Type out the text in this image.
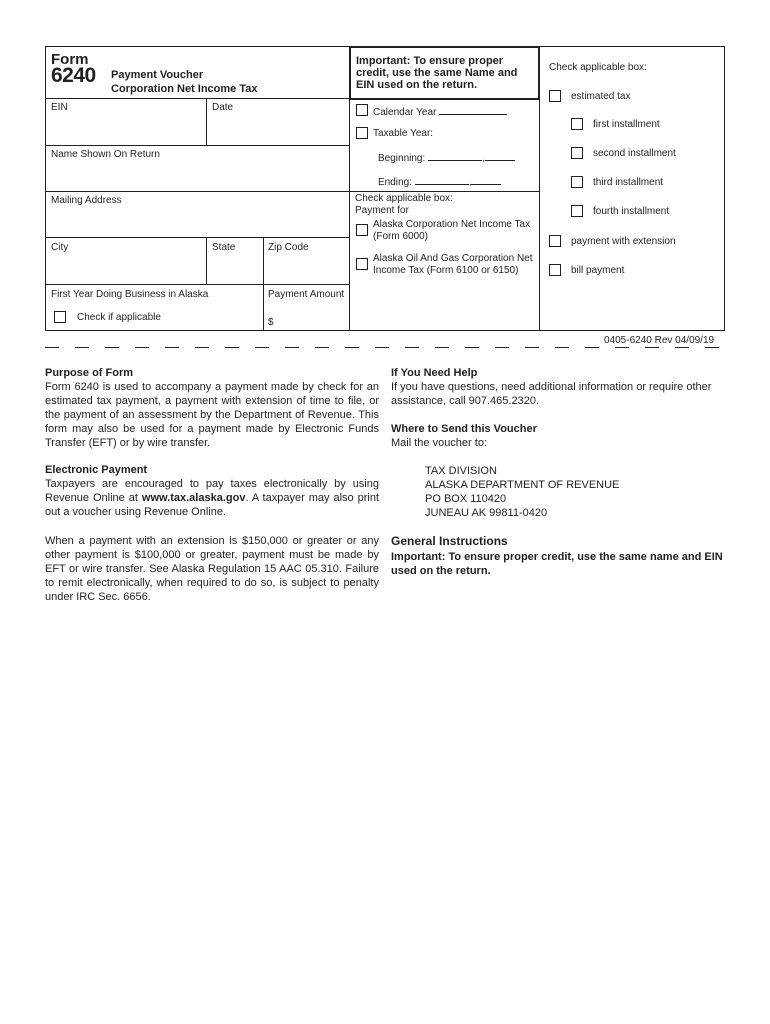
Form
6240 Payment Voucher
Corporation Net Income Tax
Important: To ensure proper
credit, use the same Name and
EIN used on the return.
EIN	Date
Name Shown On Return
Mailing Address
City	State	Zip Code
First Year Doing Business in Alaska
Check if applicable
Payment Amount
$
Calendar Year
Taxable Year:
Beginning:	,
Ending:	,
Check applicable box:
Payment for
Alaska Corporation Net Income Tax
(Form 6000)
Alaska Oil And Gas Corporation Net
Income Tax (Form 6100 or 6150)
Check applicable box:
estimated tax
first installment
second installment
third installment
fourth installment
payment with extension
bill payment
0405-6240 Rev 04/09/19
Purpose of Form
Form 6240 is used to accompany a payment made by check for an estimated tax payment, a payment with extension of time to file, or the payment of an assessment by the Department of Revenue. This form may also be used for a payment made by Electronic Funds Transfer (EFT) or by wire transfer.
Electronic Payment
Taxpayers are encouraged to pay taxes electronically by using Revenue Online at www.tax.alaska.gov. A taxpayer may also print out a voucher using Revenue Online.
When a payment with an extension is $150,000 or greater or any other payment is $100,000 or greater, payment must be made by EFT or wire transfer. See Alaska Regulation 15 AAC 05.310. Failure to remit electronically, when required to do so, is subject to penalty under IRC Sec. 6656.
If You Need Help
If you have questions, need additional information or require other assistance, call 907.465.2320.
Where to Send this Voucher
Mail the voucher to:
TAX DIVISION
ALASKA DEPARTMENT OF REVENUE
PO BOX 110420
JUNEAU AK 99811-0420
General Instructions
Important: To ensure proper credit, use the same name and EIN used on the return.
